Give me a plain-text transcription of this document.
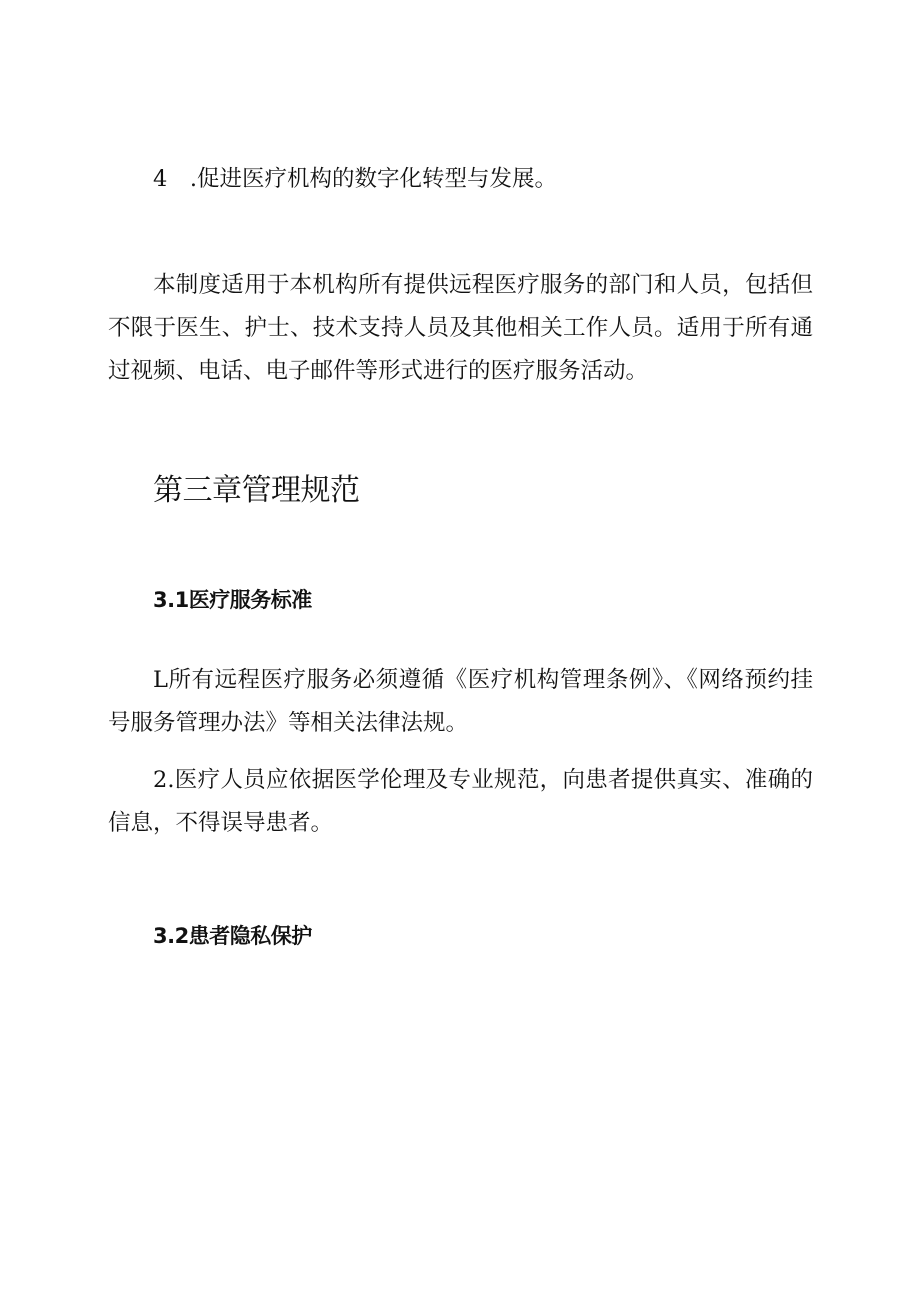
4　.促进医疗机构的数字化转型与发展。

本制度适用于本机构所有提供远程医疗服务的部门和人员，包括但不限于医生、护士、技术支持人员及其他相关工作人员。适用于所有通过视频、电话、电子邮件等形式进行的医疗服务活动。

第三章管理规范
3.1医疗服务标准

L所有远程医疗服务必须遵循《医疗机构管理条例》、《网络预约挂号服务管理办法》等相关法律法规。

2.医疗人员应依据医学伦理及专业规范，向患者提供真实、准确的信息，不得误导患者。

3.2患者隐私保护
